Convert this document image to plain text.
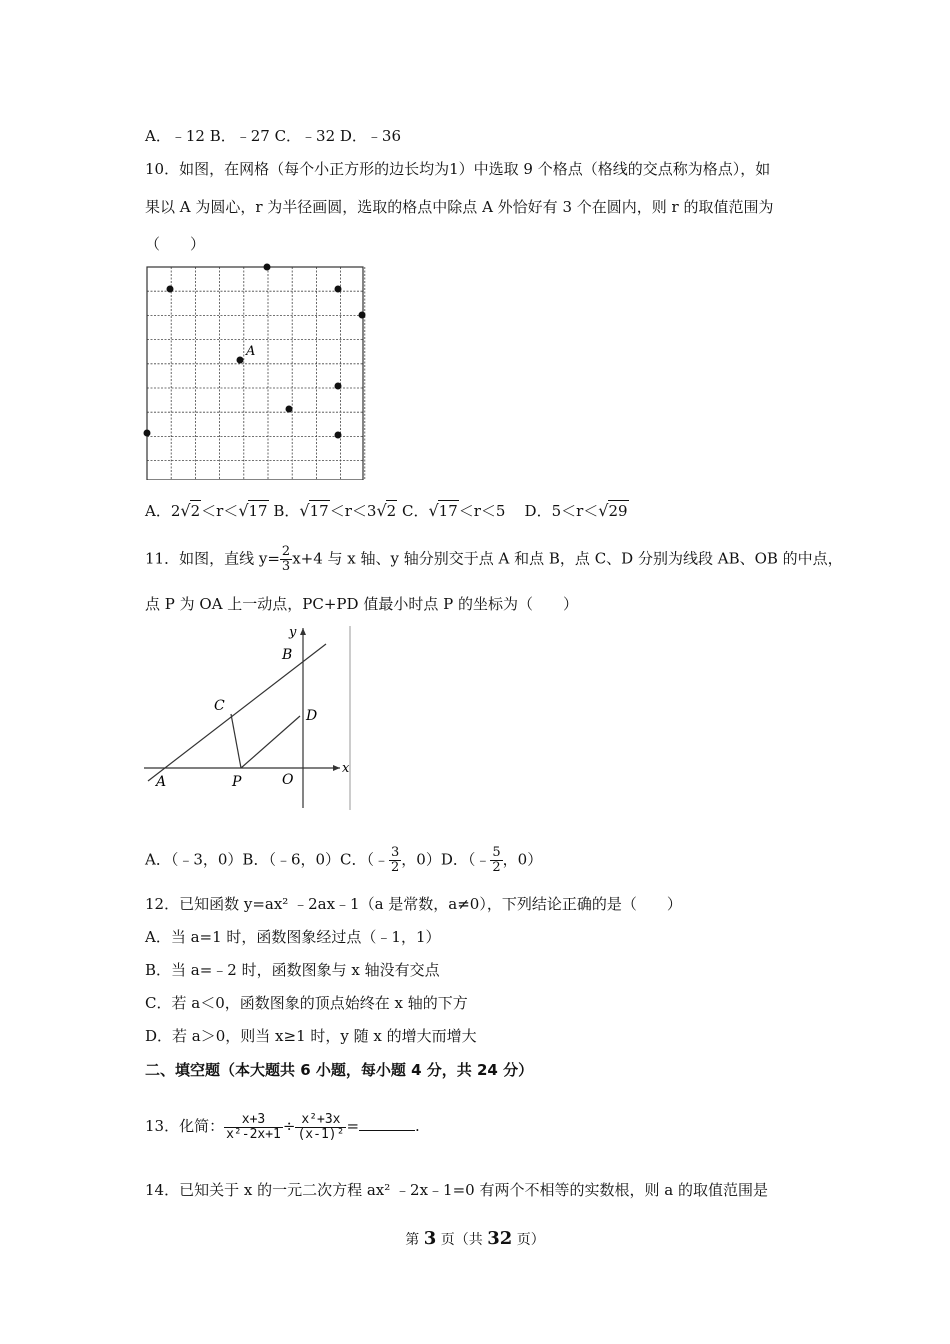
A．﹣12 B．﹣27 C．﹣32 D．﹣36
10．如图，在网格（每个小正方形的边长均为1）中选取 9 个格点（格线的交点称为格点），如
果以 A 为圆心，r 为半径画圆，选取的格点中除点 A 外恰好有 3 个在圆内，则 r 的取值范围为
（　　）
A
A．2√2＜r＜√17 B．√17＜r＜3√2 C．√17＜r＜5 D．5＜r＜√29
11．如图，直线 $y= \frac{2}{3} x+4$ 与 x 轴、y 轴分别交于点 A 和点 B，点 C、D 分别为线段 AB、OB 的中点，
点 P 为 OA 上一动点，PC+PD 值最小时点 P 的坐标为（　　）
y
x
B
C
D
A	P	O
A．（﹣3，0）B．（﹣6，0）C．（﹣ $\frac{3}{2}$ ，0）D．（﹣ $\frac{5}{2}$ ，0）
12．已知函数 y=ax² ﹣2ax﹣1（a 是常数，a≠0），下列结论正确的是（　　）
A．当 a=1 时，函数图象经过点（﹣1，1）
B．当 a=﹣2 时，函数图象与 x 轴没有交点
C．若 a＜0，函数图象的顶点始终在 x 轴的下方
D．若 a＞0，则当 x≥1 时，y 随 x 的增大而增大
二、填空题（本大题共 6 小题，每小题 4 分，共 24 分）
13．化简： $\frac{x+3}{\text{x²-2x+1}} \div \frac{\text{x²+3x}}{\text{(x-1)²}}$ =	.
14．已知关于 x 的一元二次方程 ax² ﹣2x﹣1=0 有两个不相等的实数根，则 a 的取值范围是
第 3 页（共 32 页）
